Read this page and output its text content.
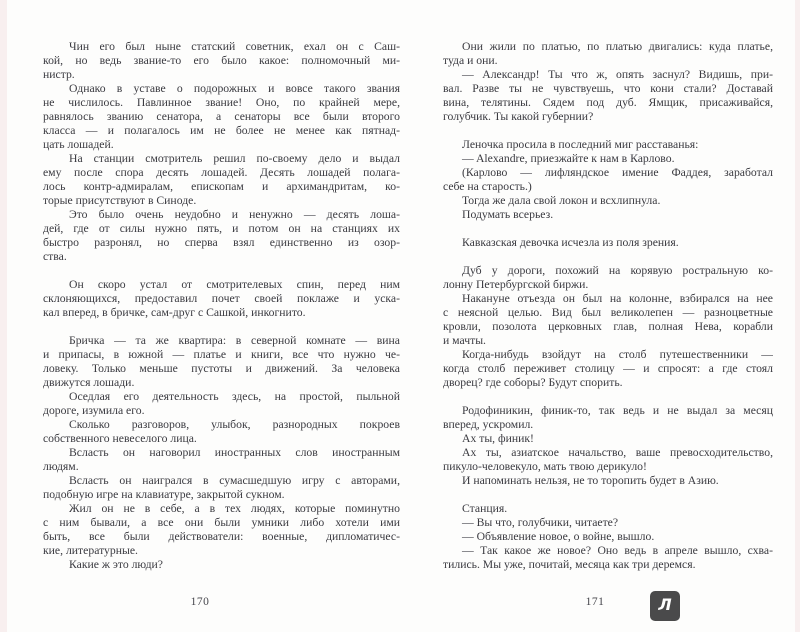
Чин его был ныне статский советник, ехал он с Саш-
кой, но ведь звание-то его было какое: полномочный ми-
нистр.
Однако в уставе о подорожных и вовсе такого звания
не числилось. Павлинное звание! Оно, по крайней мере,
равнялось званию сенатора, а сенаторы все были второго
класса — и полагалось им не более не менее как пятнад-
цать лошадей.
На станции смотритель решил по-своему дело и выдал
ему после спора десять лошадей. Десять лошадей полага-
лось контр-адмиралам, епископам и архимандритам, ко-
торые присутствуют в Синоде.
Это было очень неудобно и ненужно — десять лоша-
дей, где от силы нужно пять, и потом он на станциях их
быстро разронял, но сперва взял единственно из озор-
ства.
Он скоро устал от смотрителевых спин, перед ним
склоняющихся, предоставил почет своей поклаже и уска-
кал вперед, в бричке, сам-друг с Сашкой, инкогнито.
Бричка — та же квартира: в северной комнате — вина
и припасы, в южной — платье и книги, все что нужно че-
ловеку. Только меньше пустоты и движений. За человека
движутся лошади.
Оседлая его деятельность здесь, на простой, пыльной
дороге, изумила его.
Сколько разговоров, улыбок, разнородных покроев
собственного невеселого лица.
Всласть он наговорил иностранных слов иностранным
людям.
Всласть он наигрался в сумасшедшую игру с авторами,
подобную игре на клавиатуре, закрытой сукном.
Жил он не в себе, а в тех людях, которые поминутно
с ним бывали, а все они были умники либо хотели ими
быть, все были действователи: военные, дипломатичес-
кие, литературные.
Какие ж это люди?
Они жили по платью, по платью двигались: куда платье,
туда и они.
— Александр! Ты что ж, опять заснул? Видишь, при-
вал. Разве ты не чувствуешь, что кони стали? Доставай
вина, телятины. Сядем под дуб. Ямщик, присаживайся,
голубчик. Ты какой губернии?
Леночка просила в последний миг расставанья:
— Alexandre, приезжайте к нам в Карлово.
(Карлово — лифляндское имение Фаддея, заработал
себе на старость.)
Тогда же дала свой локон и всхлипнула.
Подумать всерьез.
Кавказская девочка исчезла из поля зрения.
Дуб у дороги, похожий на корявую ростральную ко-
лонну Петербургской биржи.
Накануне отъезда он был на колонне, взбирался на нее
с неясной целью. Вид был великолепен — разноцветные
кровли, позолота церковных глав, полная Нева, корабли
и мачты.
Когда-нибудь взойдут на столб путешественники —
когда столб переживет столицу — и спросят: а где стоял
дворец? где соборы? Будут спорить.
Родофиникин, финик-то, так ведь и не выдал за месяц
вперед, ускромил.
Ах ты, финик!
Ах ты, азиатское начальство, ваше превосходительство,
пикуло-человекуло, мать твою дерикуло!
И напоминать нельзя, не то торопить будет в Азию.
Станция.
— Вы что, голубчики, читаете?
— Объявление новое, о войне, вышло.
— Так какое же новое? Оно ведь в апреле вышло, схва-
тились. Мы уже, почитай, месяца как три деремся.
170	171	Л
